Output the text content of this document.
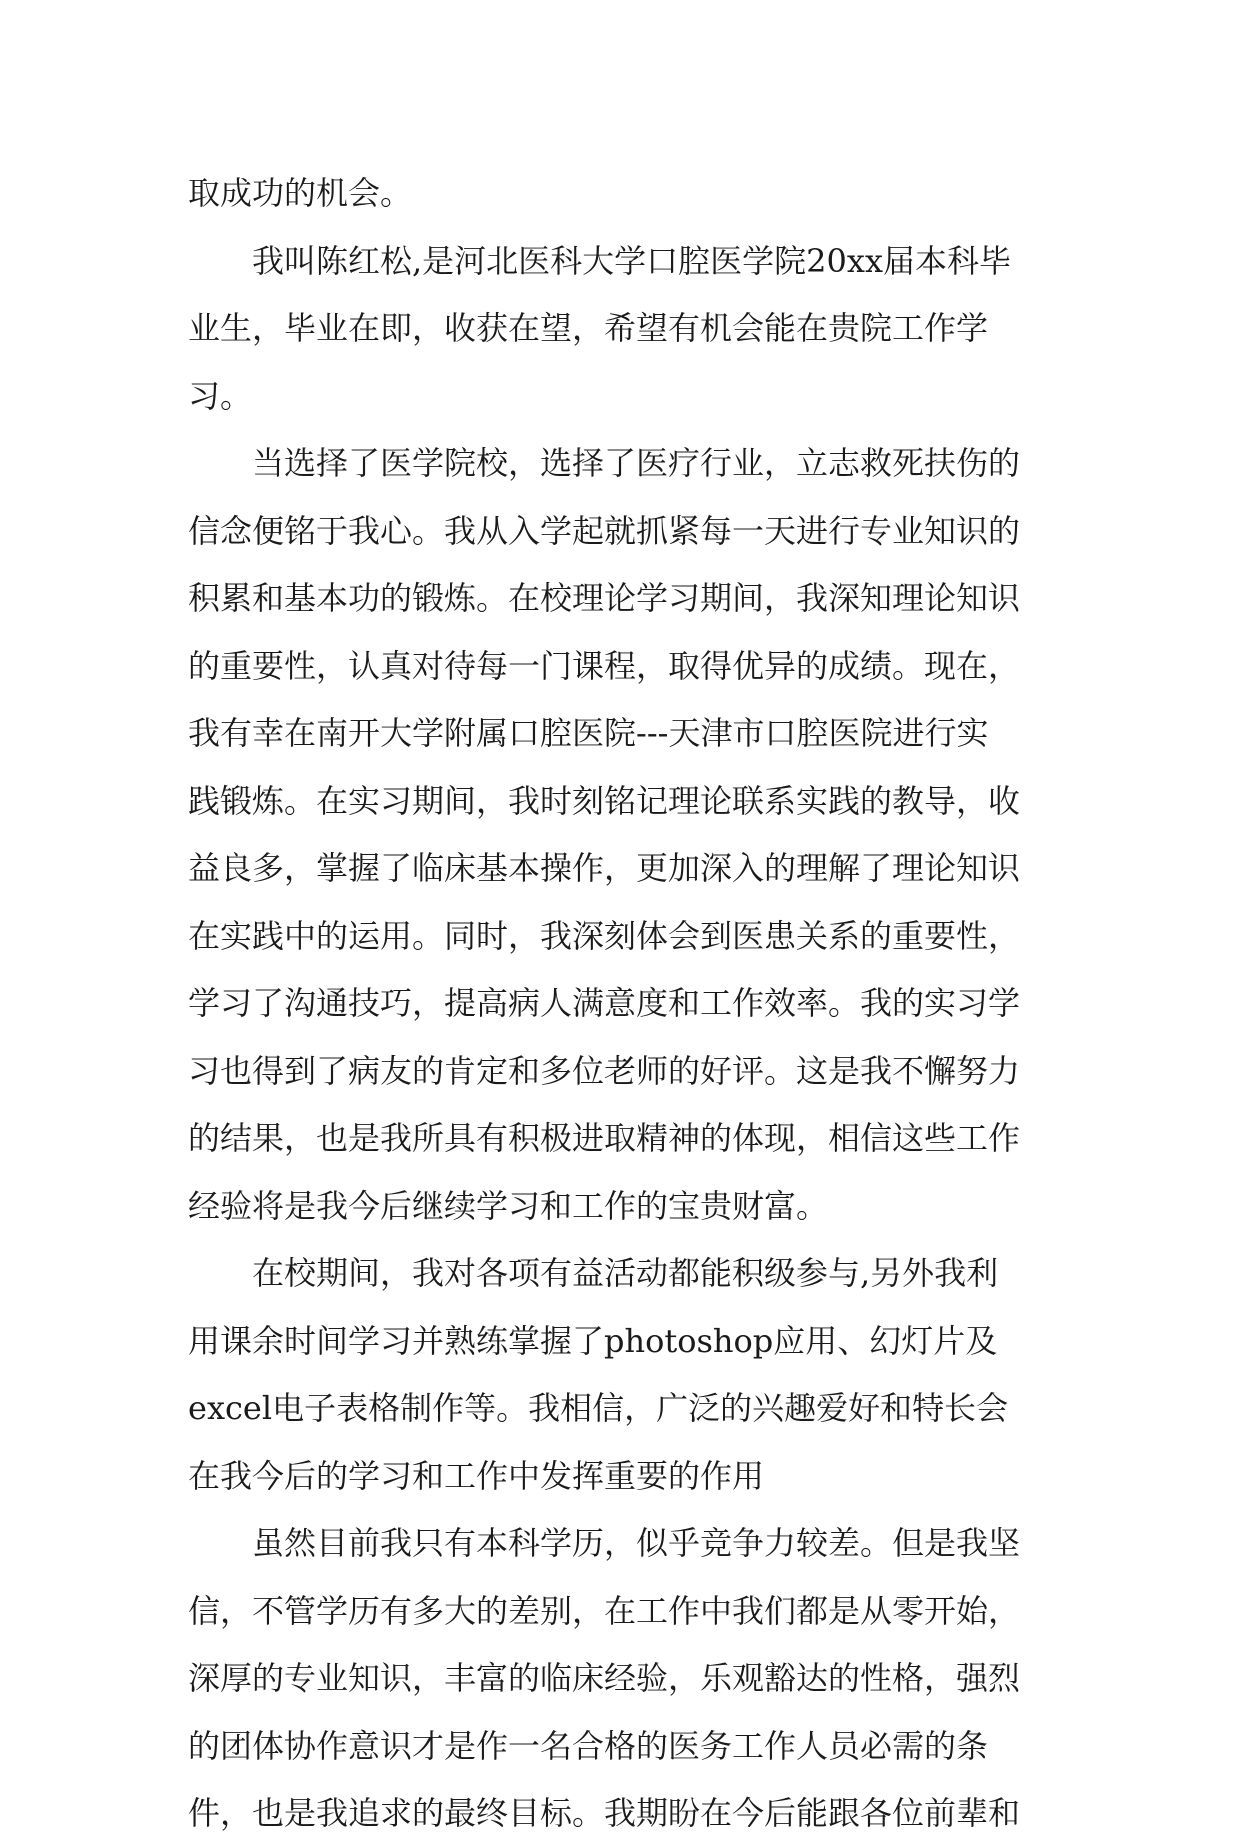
取成功的机会。

　　我叫陈红松,是河北医科大学口腔医学院20xx届本科毕
业生，毕业在即，收获在望，希望有机会能在贵院工作学习。

　　当选择了医学院校，选择了医疗行业，立志救死扶伤的
信念便铭于我心。我从入学起就抓紧每一天进行专业知识的
积累和基本功的锻炼。在校理论学习期间，我深知理论知识
的重要性，认真对待每一门课程，取得优异的成绩。现在，
我有幸在南开大学附属口腔医院---天津市口腔医院进行实
践锻炼。在实习期间，我时刻铭记理论联系实践的教导，收
益良多，掌握了临床基本操作，更加深入的理解了理论知识
在实践中的运用。同时，我深刻体会到医患关系的重要性，
学习了沟通技巧，提高病人满意度和工作效率。我的实习学
习也得到了病友的肯定和多位老师的好评。这是我不懈努力
的结果，也是我所具有积极进取精神的体现，相信这些工作
经验将是我今后继续学习和工作的宝贵财富。

　　在校期间，我对各项有益活动都能积级参与,另外我利
用课余时间学习并熟练掌握了photoshop应用、幻灯片及
excel电子表格制作等。我相信，广泛的兴趣爱好和特长会
在我今后的学习和工作中发挥重要的作用

　　虽然目前我只有本科学历，似乎竞争力较差。但是我坚
信，不管学历有多大的差别，在工作中我们都是从零开始，
深厚的专业知识，丰富的临床经验，乐观豁达的性格，强烈
的团体协作意识才是作一名合格的医务工作人员必需的条
件，也是我追求的最终目标。我期盼在今后能跟各位前辈和
